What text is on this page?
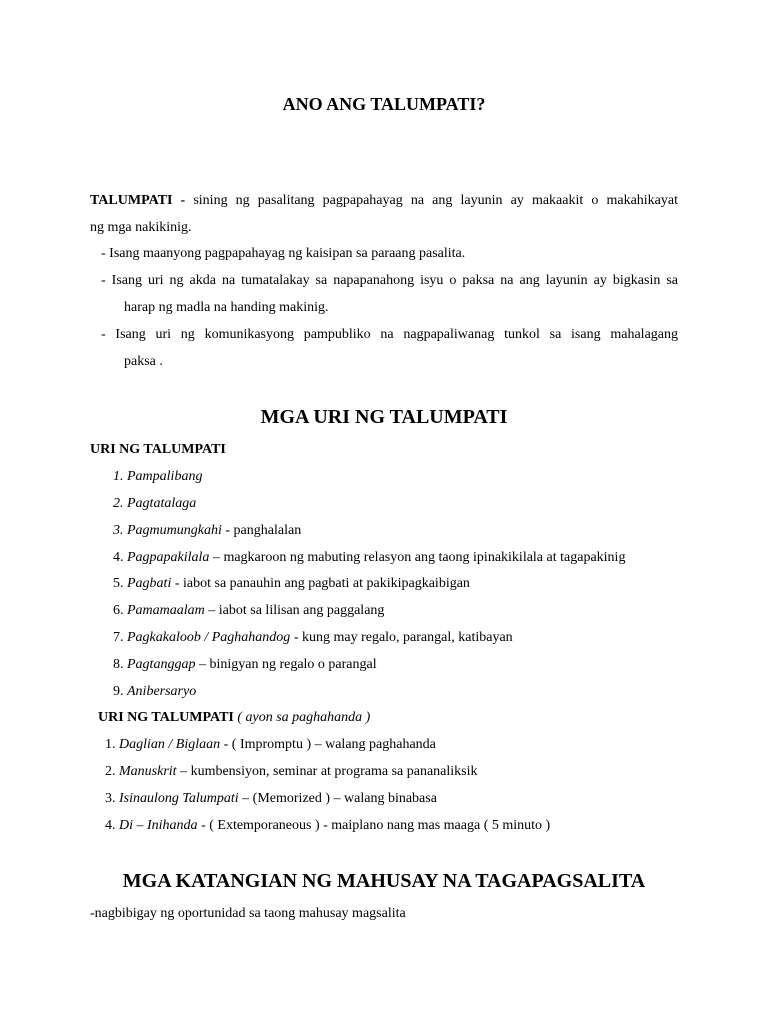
ANO ANG TALUMPATI?
TALUMPATI - sining ng pasalitang pagpapahayag na ang layunin ay makaakit o makahikayat
ng mga nakikinig.
- Isang maanyong pagpapahayag ng kaisipan sa paraang pasalita.
- Isang uri ng akda na tumatalakay sa napapanahong isyu o paksa na ang layunin ay bigkasin sa
harap ng madla na handing makinig.
- Isang uri ng komunikasyong pampubliko na nagpapaliwanag tunkol sa isang mahalagang
paksa .
MGA URI NG TALUMPATI
URI NG TALUMPATI
1. Pampalibang
2. Pagtatalaga
3. Pagmumungkahi - panghalalan
4. Pagpapakilala – magkaroon ng mabuting relasyon ang taong ipinakikilala at tagapakinig
5. Pagbati - iabot sa panauhin ang pagbati at pakikipagkaibigan
6. Pamamaalam – iabot sa lilisan ang paggalang
7. Pagkakaloob / Paghahandog - kung may regalo, parangal, katibayan
8. Pagtanggap – binigyan ng regalo o parangal
9. Anibersaryo
URI NG TALUMPATI ( ayon sa paghahanda )
1. Daglian / Biglaan - ( Impromptu ) – walang paghahanda
2. Manuskrit – kumbensiyon, seminar at programa sa pananaliksik
3. Isinaulong Talumpati – (Memorized ) – walang binabasa
4. Di – Inihanda - ( Extemporaneous ) - maiplano nang mas maaga ( 5 minuto )
MGA KATANGIAN NG MAHUSAY NA TAGAPAGSALITA
-nagbibigay ng oportunidad sa taong mahusay magsalita
